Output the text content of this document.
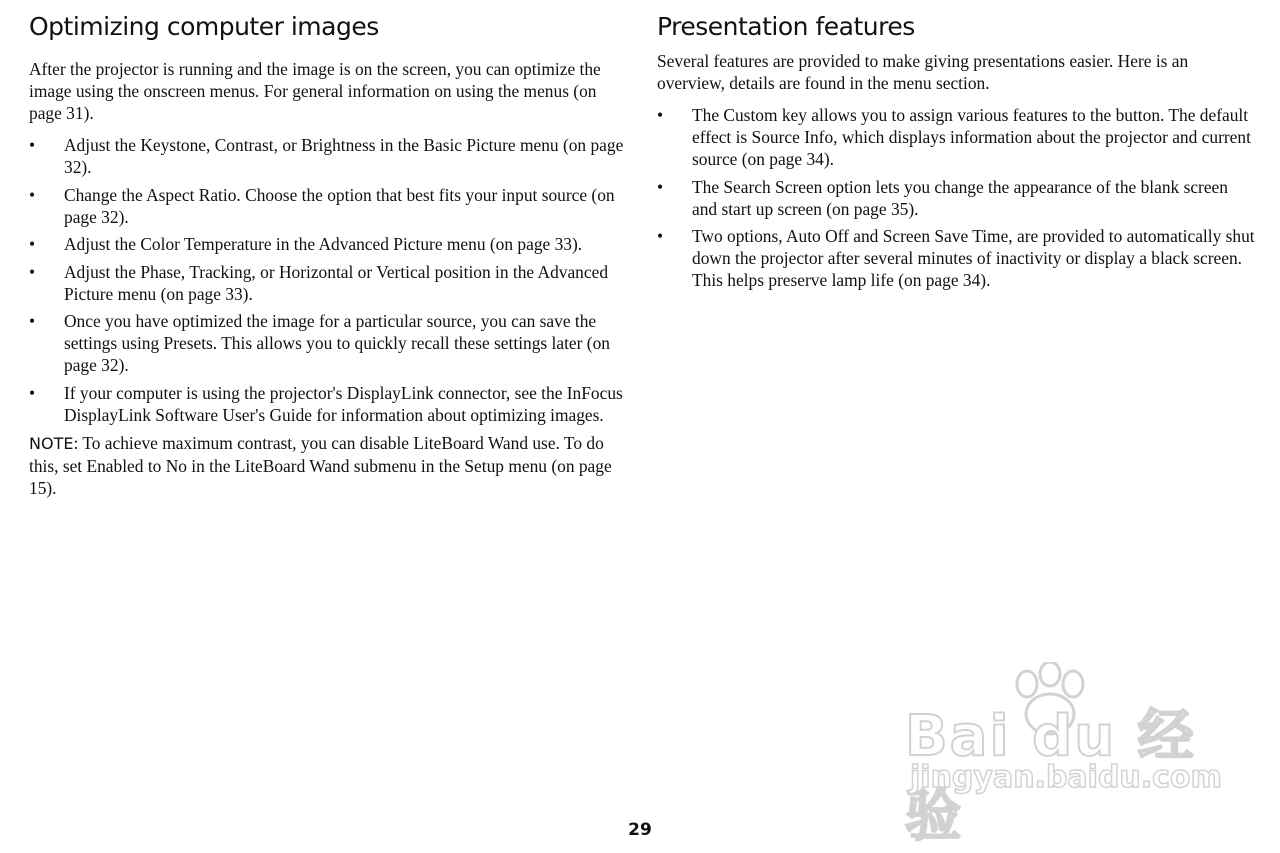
Optimizing computer images

After the projector is running and the image is on the screen, you can optimize the image using the onscreen menus. For general information on using the menus (on page 31).

• Adjust the Keystone, Contrast, or Brightness in the Basic Picture menu (on page 32).
• Change the Aspect Ratio. Choose the option that best fits your input source (on page 32).
• Adjust the Color Temperature in the Advanced Picture menu (on page 33).
• Adjust the Phase, Tracking, or Horizontal or Vertical position in the Advanced Picture menu (on page 33).
• Once you have optimized the image for a particular source, you can save the settings using Presets. This allows you to quickly recall these settings later (on page 32).
• If your computer is using the projector's DisplayLink connector, see the InFocus DisplayLink Software User's Guide for information about optimizing images.

NOTE: To achieve maximum contrast, you can disable LiteBoard Wand use. To do this, set Enabled to No in the LiteBoard Wand submenu in the Setup menu (on page 15).

Presentation features

Several features are provided to make giving presentations easier. Here is an overview, details are found in the menu section.

• The Custom key allows you to assign various features to the button. The default effect is Source Info, which displays information about the projector and current source (on page 34).
• The Search Screen option lets you change the appearance of the blank screen and start up screen (on page 35).
• Two options, Auto Off and Screen Save Time, are provided to automatically shut down the projector after several minutes of inactivity or display a black screen. This helps preserve lamp life (on page 34).
Bai du 经验
jingyan.baidu.com
29
